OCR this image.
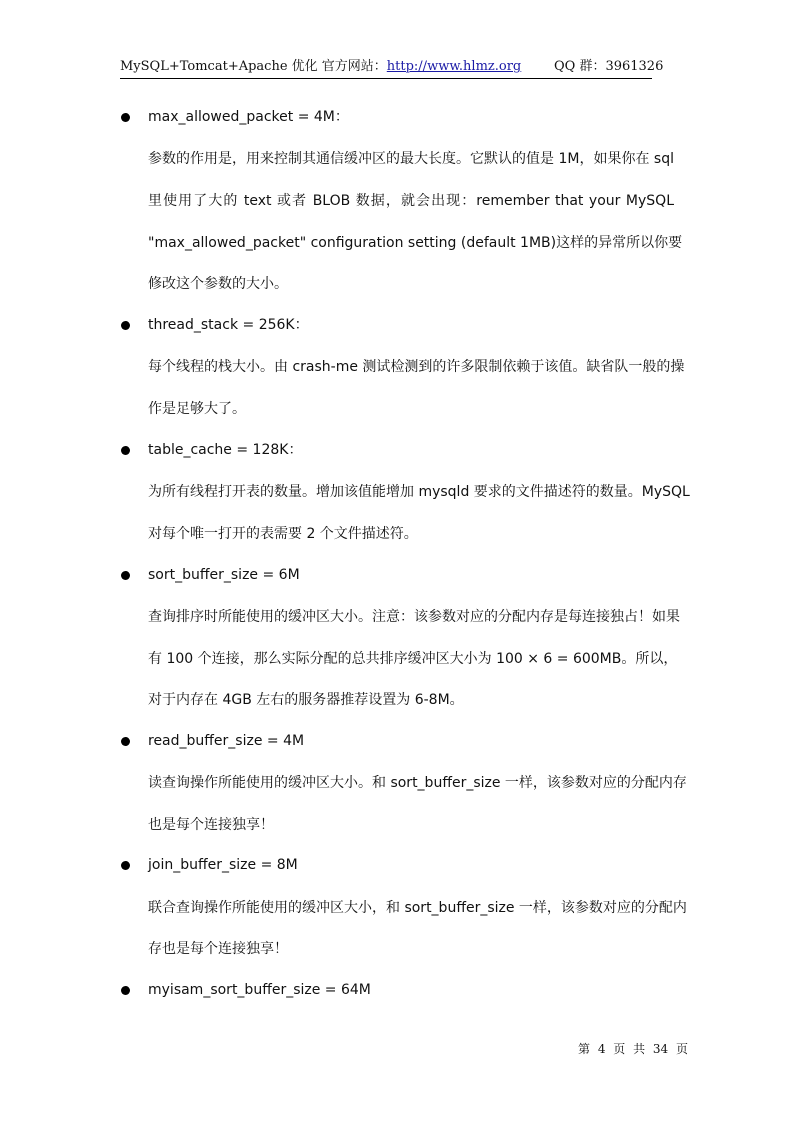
MySQL+Tomcat+Apache 优化 官方网站：http://www.hlmz.org	QQ 群：3961326
max_allowed_packet = 4M：
参数的作用是，用来控制其通信缓冲区的最大长度。它默认的值是 1M，如果你在 sql
里使用了大的 text 或者 BLOB 数据，就会出现：remember that your MySQL
"max_allowed_packet" configuration setting (default 1MB)这样的异常所以你要
修改这个参数的大小。
thread_stack = 256K：
每个线程的栈大小。由 crash-me 测试检测到的许多限制依赖于该值。缺省队一般的操
作是足够大了。
table_cache = 128K：
为所有线程打开表的数量。增加该值能增加 mysqld 要求的文件描述符的数量。MySQL
对每个唯一打开的表需要 2 个文件描述符。
sort_buffer_size = 6M
查询排序时所能使用的缓冲区大小。注意：该参数对应的分配内存是每连接独占！如果
有 100 个连接，那么实际分配的总共排序缓冲区大小为 100 × 6 = 600MB。所以，
对于内存在 4GB 左右的服务器推荐设置为 6-8M。
read_buffer_size = 4M
读查询操作所能使用的缓冲区大小。和 sort_buffer_size 一样，该参数对应的分配内存
也是每个连接独享！
join_buffer_size = 8M
联合查询操作所能使用的缓冲区大小，和 sort_buffer_size 一样，该参数对应的分配内
存也是每个连接独享！
myisam_sort_buffer_size = 64M
第 4 页 共 34 页
